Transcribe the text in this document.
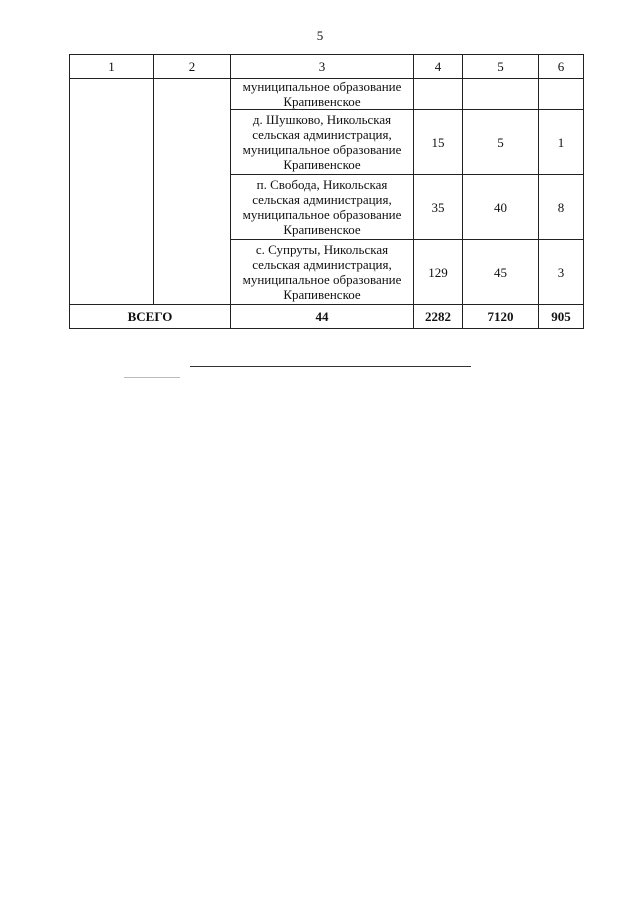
5
1	2	3	4	5	6
		муниципальное образование
Крапивенское			
		д. Шушково, Никольская
сельская администрация,
муниципальное образование
Крапивенское	15	5	1
		п. Свобода, Никольская
сельская администрация,
муниципальное образование
Крапивенское	35	40	8
		с. Супруты, Никольская
сельская администрация,
муниципальное образование
Крапивенское	129	45	3
ВСЕГО		44	2282	7120	905
